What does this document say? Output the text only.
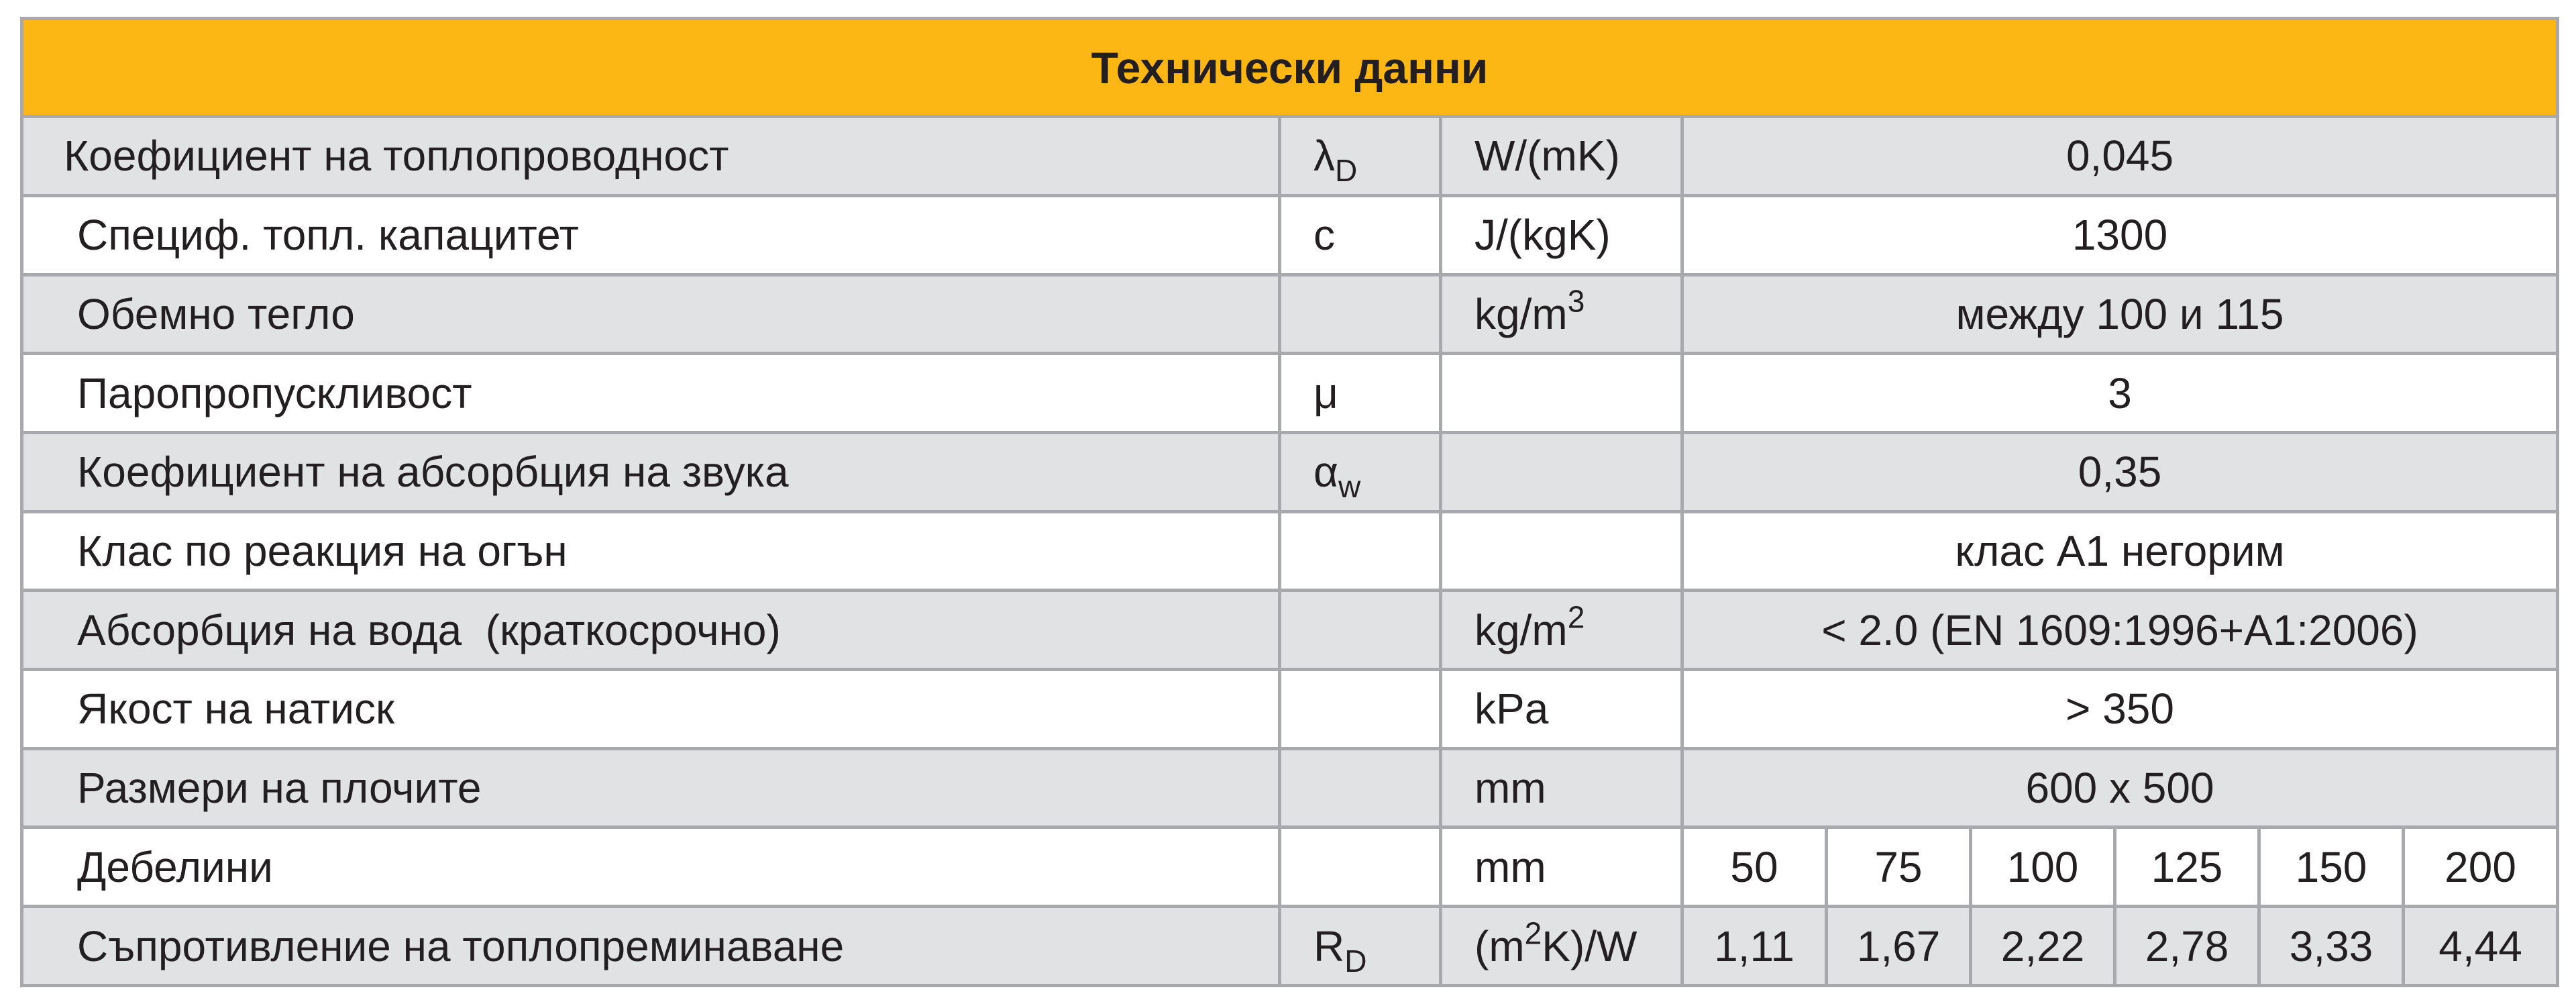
Технически данни								
Коефициент на топлопроводност	$\lambda_D$	W/(mK)	0,045					
Специф. топл. капацитет	c	J/(kgK)	1300					
Обемно тегло		$kg/m^3$	между 100 и 115					
Паропропускливост	μ		3					
Коефициент на абсорбция на звука	$\alpha_w$		0,35					
Клас по реакция на огън			клас А1 негорим					
Абсорбция на вода  (краткосрочно)		$kg/m^2$	< 2.0 (EN 1609:1996+A1:2006)					
Якост на натиск		kPa	> 350					
Размери на плочите		mm	600 x 500					
Дебелини		mm	50	75	100	125	150	200
Съпротивление на топлопреминаване	$R_D$	$(m^2K)/W$	1,11	1,67	2,22	2,78	3,33	4,44
